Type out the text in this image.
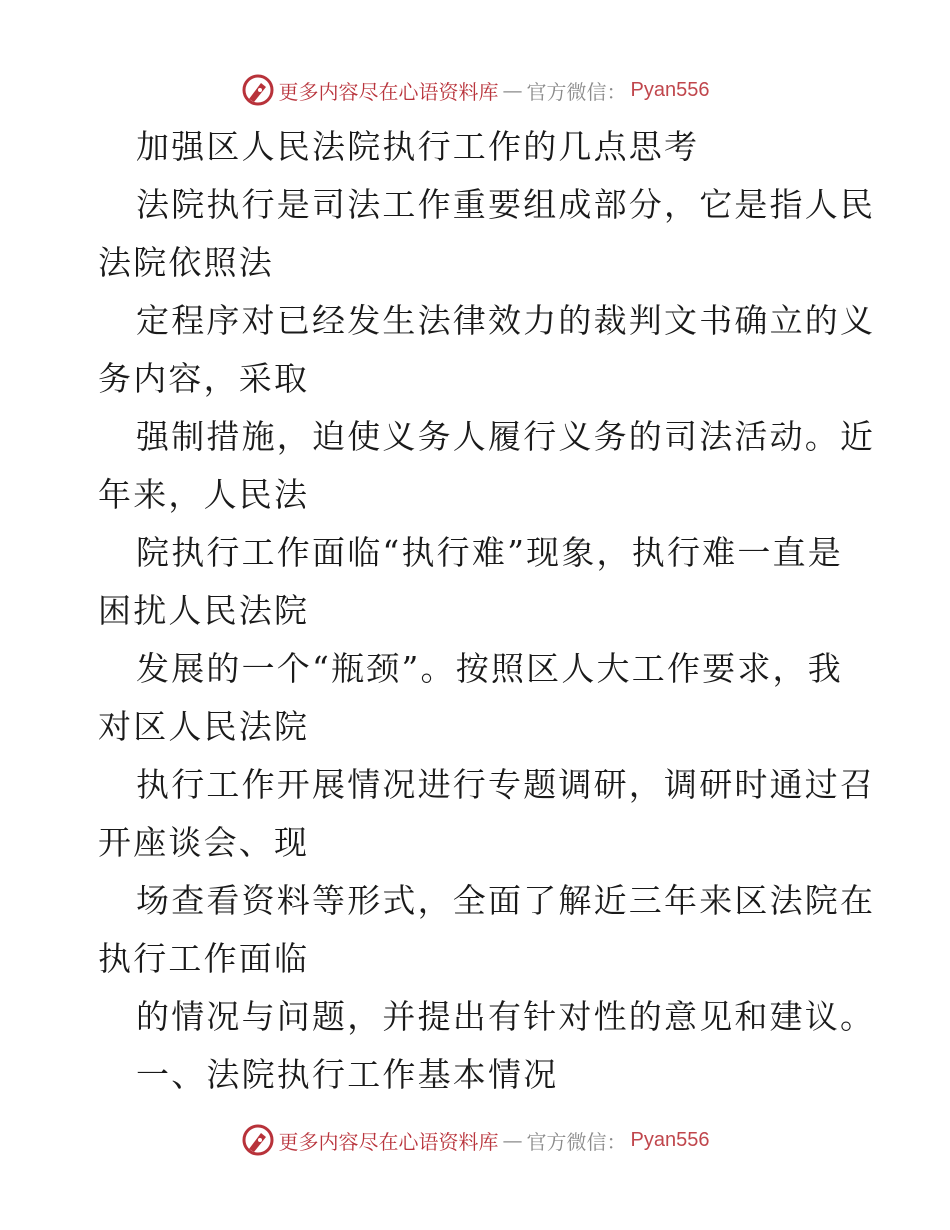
更多内容尽在心语资料库 — 官方微信： Pyan556
加强区人民法院执行工作的几点思考
法院执行是司法工作重要组成部分，它是指人民
法院依照法
定程序对已经发生法律效力的裁判文书确立的义
务内容，采取
强制措施，迫使义务人履行义务的司法活动。近
年来，人民法
院执行工作面临“执行难”现象，执行难一直是
困扰人民法院
发展的一个“瓶颈”。按照区人大工作要求，我
对区人民法院
执行工作开展情况进行专题调研，调研时通过召
开座谈会、现
场查看资料等形式，全面了解近三年来区法院在
执行工作面临
的情况与问题，并提出有针对性的意见和建议。
一、法院执行工作基本情况
更多内容尽在心语资料库 — 官方微信： Pyan556
